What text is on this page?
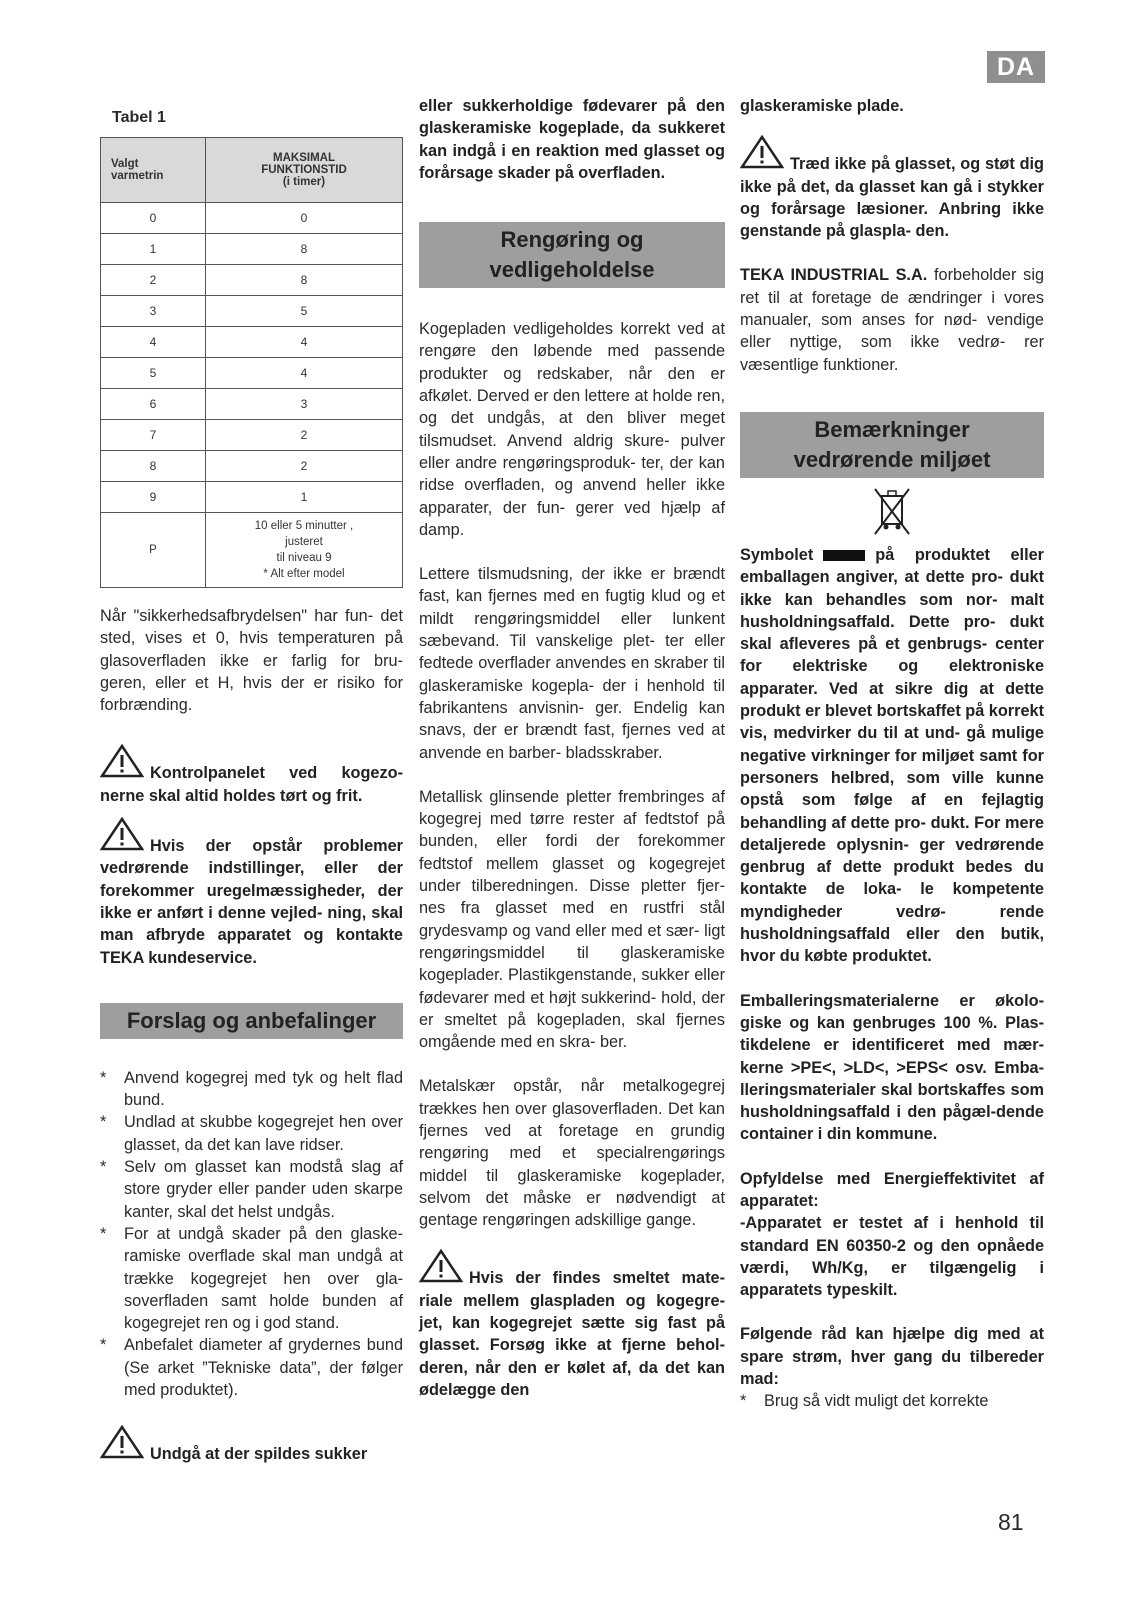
DA
Tabel 1
Valgt
varmetrin	MAKSIMAL
FUNKTIONSTID
(i timer)
0	0
1	8
2	8
3	5
4	4
5	4
6	3
7	2
8	2
9	1
P	10 eller 5 minutter ,
justeret
til niveau 9
* Alt efter model

Når "sikkerhedsafbrydelsen" har fun- det sted, vises et 0, hvis temperaturen på glasoverfladen ikke er farlig for bru- geren, eller et H, hvis der er risiko for forbrænding.

Kontrolpanelet ved kogezo- nerne skal altid holdes tørt og frit.

Hvis der opstår problemer vedrørende indstillinger, eller der forekommer uregelmæssigheder, der ikke er anført i denne vejled- ning, skal man afbryde apparatet og kontakte TEKA kundeservice.

Forslag og anbefalinger
* Anvend kogegrej med tyk og helt flad bund.
* Undlad at skubbe kogegrejet hen over glasset, da det kan lave ridser.
* Selv om glasset kan modstå slag af store gryder eller pander uden skarpe kanter, skal det helst undgås.
* For at undgå skader på den glaske- ramiske overflade skal man undgå at trække kogegrejet hen over gla- soverfladen samt holde bunden af kogegrejet ren og i god stand.
* Anbefalet diameter af grydernes bund (Se arket ”Tekniske data”, der følger med produktet).

Undgå at der spildes sukker

eller sukkerholdige fødevarer på den glaskeramiske kogeplade, da sukkeret kan indgå i en reaktion med glasset og forårsage skader på overfladen.

Rengøring og
vedligeholdelse

Kogepladen vedligeholdes korrekt ved at rengøre den løbende med passende produkter og redskaber, når den er afkølet. Derved er den lettere at holde ren, og det undgås, at den bliver meget tilsmudset. Anvend aldrig skure- pulver eller andre rengøringsproduk- ter, der kan ridse overfladen, og anvend heller ikke apparater, der fun- gerer ved hjælp af damp.

Lettere tilsmudsning, der ikke er brændt fast, kan fjernes med en fugtig klud og et mildt rengøringsmiddel eller lunkent sæbevand. Til vanskelige plet- ter eller fedtede overflader anvendes en skraber til glaskeramiske kogepla- der i henhold til fabrikantens anvisnin- ger. Endelig kan snavs, der er brændt fast, fjernes ved at anvende en barber- bladsskraber.

Metallisk glinsende pletter frembringes af kogegrej med tørre rester af fedtstof på bunden, eller fordi der forekommer fedtstof mellem glasset og kogegrejet under tilberedningen. Disse pletter fjer- nes fra glasset med en rustfri stål grydesvamp og vand eller med et sær- ligt rengøringsmiddel til glaskeramiske kogeplader. Plastikgenstande, sukker eller fødevarer med et højt sukkerind- hold, der er smeltet på kogepladen, skal fjernes omgående med en skra- ber.

Metalskær opstår, når metalkogegrej trækkes hen over glasoverfladen. Det kan fjernes ved at foretage en grundig rengøring med et specialrengørings middel til glaskeramiske kogeplader, selvom det måske er nødvendigt at gentage rengøringen adskillige gange.

Hvis der findes smeltet mate- riale mellem glaspladen og kogegre- jet, kan kogegrejet sætte sig fast på glasset. Forsøg ikke at fjerne behol- deren, når den er kølet af, da det kan ødelægge den

glaskeramiske plade.

Træd ikke på glasset, og støt dig ikke på det, da glasset kan gå i stykker og forårsage læsioner. Anbring ikke genstande på glaspla- den.

TEKA INDUSTRIAL S.A. forbeholder sig ret til at foretage de ændringer i vores manualer, som anses for nød- vendige eller nyttige, som ikke vedrø- rer væsentlige funktioner.

Bemærkninger
vedrørende miljøet

Symbolet	på produktet eller emballagen angiver, at dette pro- dukt ikke kan behandles som nor- malt husholdningsaffald. Dette pro- dukt skal afleveres på et genbrugs- center for elektriske og elektroniske apparater. Ved at sikre dig at dette produkt er blevet bortskaffet på korrekt vis, medvirker du til at und- gå mulige negative virkninger for miljøet samt for personers helbred, som ville kunne opstå som følge af en fejlagtig behandling af dette pro- dukt. For mere detaljerede oplysnin- ger vedrørende genbrug af dette produkt bedes du kontakte de loka- le kompetente myndigheder vedrø- rende husholdningsaffald eller den butik, hvor du købte produktet.

Emballeringsmaterialerne er økolo- giske og kan genbruges 100 %. Plas- tikdelene er identificeret med mær- kerne >PE<, >LD<, >EPS< osv. Emba- lleringsmaterialer skal bortskaffes som husholdningsaffald i den pågæl-dende container i din kommune.

Opfyldelse med Energieffektivitet af apparatet:

-Apparatet er testet af i henhold til standard EN 60350-2 og den opnåede værdi, Wh/Kg, er tilgængelig i apparatets typeskilt.

Følgende råd kan hjælpe dig med at spare strøm, hver gang du tilbereder mad:

* Brug så vidt muligt det korrekte
81
